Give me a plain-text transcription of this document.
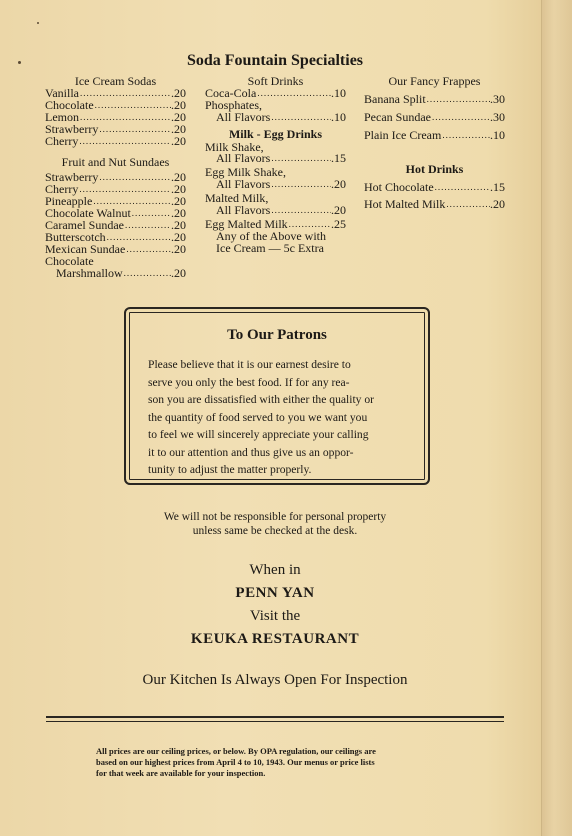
Soda Fountain Specialties
Ice Cream Sodas
Vanilla .....	.20
Chocolate .....	.20
Lemon .....	.20
Strawberry .....	.20
Cherry .....	.20
Fruit and Nut Sundaes
Strawberry .....	.20
Cherry .....	.20
Pineapple .....	.20
Chocolate Walnut .....	.20
Caramel Sundae .....	.20
Butterscotch .....	.20
Mexican Sundae .....	.20
Chocolate
Marshmallow .....	.20
Soft Drinks
Coca-Cola .....	.10
Phosphates,
All Flavors .....	.10
Milk - Egg Drinks
Milk Shake,
All Flavors .....	.15
Egg Milk Shake,
All Flavors .....	.20
Malted Milk,
All Flavors .....	.20
Egg Malted Milk .....	.25
Any of the Above with
Ice Cream — 5c Extra
Our Fancy Frappes
Banana Split .....	.30
Pecan Sundae .....	.30
Plain Ice Cream .....	.10
Hot Drinks
Hot Chocolate .....	.15
Hot Malted Milk .....	.20
To Our Patrons

Please believe that it is our earnest desire to
serve you only the best food. If for any rea-
son you are dissatisfied with either the quality or
the quantity of food served to you we want you
to feel we will sincerely appreciate your calling
it to our attention and thus give us an oppor-
tunity to adjust the matter properly.

We will not be responsible for personal property
unless same be checked at the desk.
When in
PENN YAN
Visit the
KEUKA RESTAURANT
Our Kitchen Is Always Open For Inspection
All prices are our ceiling prices, or below. By OPA regulation, our ceilings are
based on our highest prices from April 4 to 10, 1943. Our menus or price lists
for that week are available for your inspection.
